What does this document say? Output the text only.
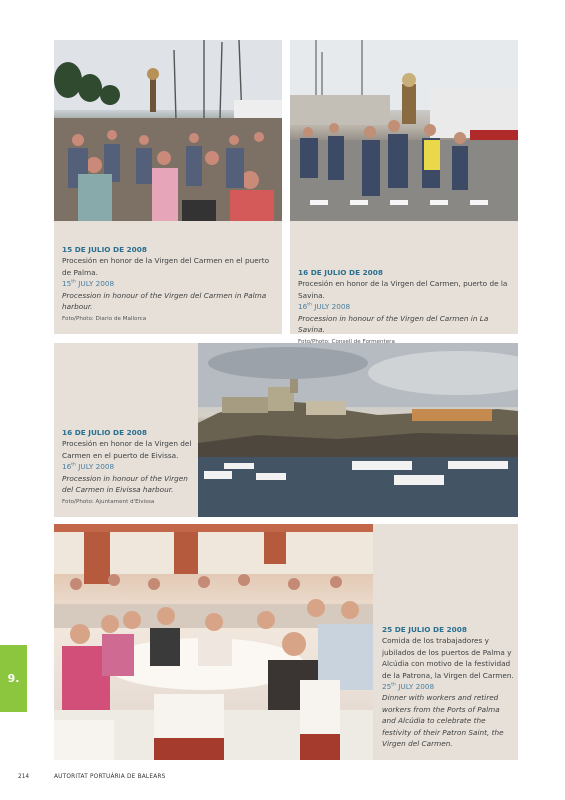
15 DE JULIO DE 2008
Procesión en honor de la Virgen del Carmen en el puerto de Palma.
15th JULY 2008
Procession in honour of the Virgen del Carmen in Palma harbour.
Foto/Photo: Diario de Mallorca
16 DE JULIO DE 2008
Procesión en honor de la Virgen del Carmen, puerto de la Savina.
16th JULY 2008
Procession in honour of the Virgen del Carmen in La Savina.
Foto/Photo: Consell de Formentera
16 DE JULIO DE 2008
Procesión en honor de la Virgen del Carmen en el puerto de Eivissa.
16th JULY 2008
Procession in honour of the Virgen del Carmen in Eivissa harbour.
Foto/Photo: Ajuntament d'Eivissa
25 DE JULIO DE 2008
Comida de los trabajadores y jubilados de los puertos de Palma y Alcúdia con motivo de la festividad de la Patrona, la Virgen del Carmen.
25th JULY 2008
Dinner with workers and retired workers from the Ports of Palma and Alcúdia to celebrate the festivity of their Patron Saint, the Virgen del Carmen.
9.
214	AUTORITAT PORTUÀRIA DE BALEARS
